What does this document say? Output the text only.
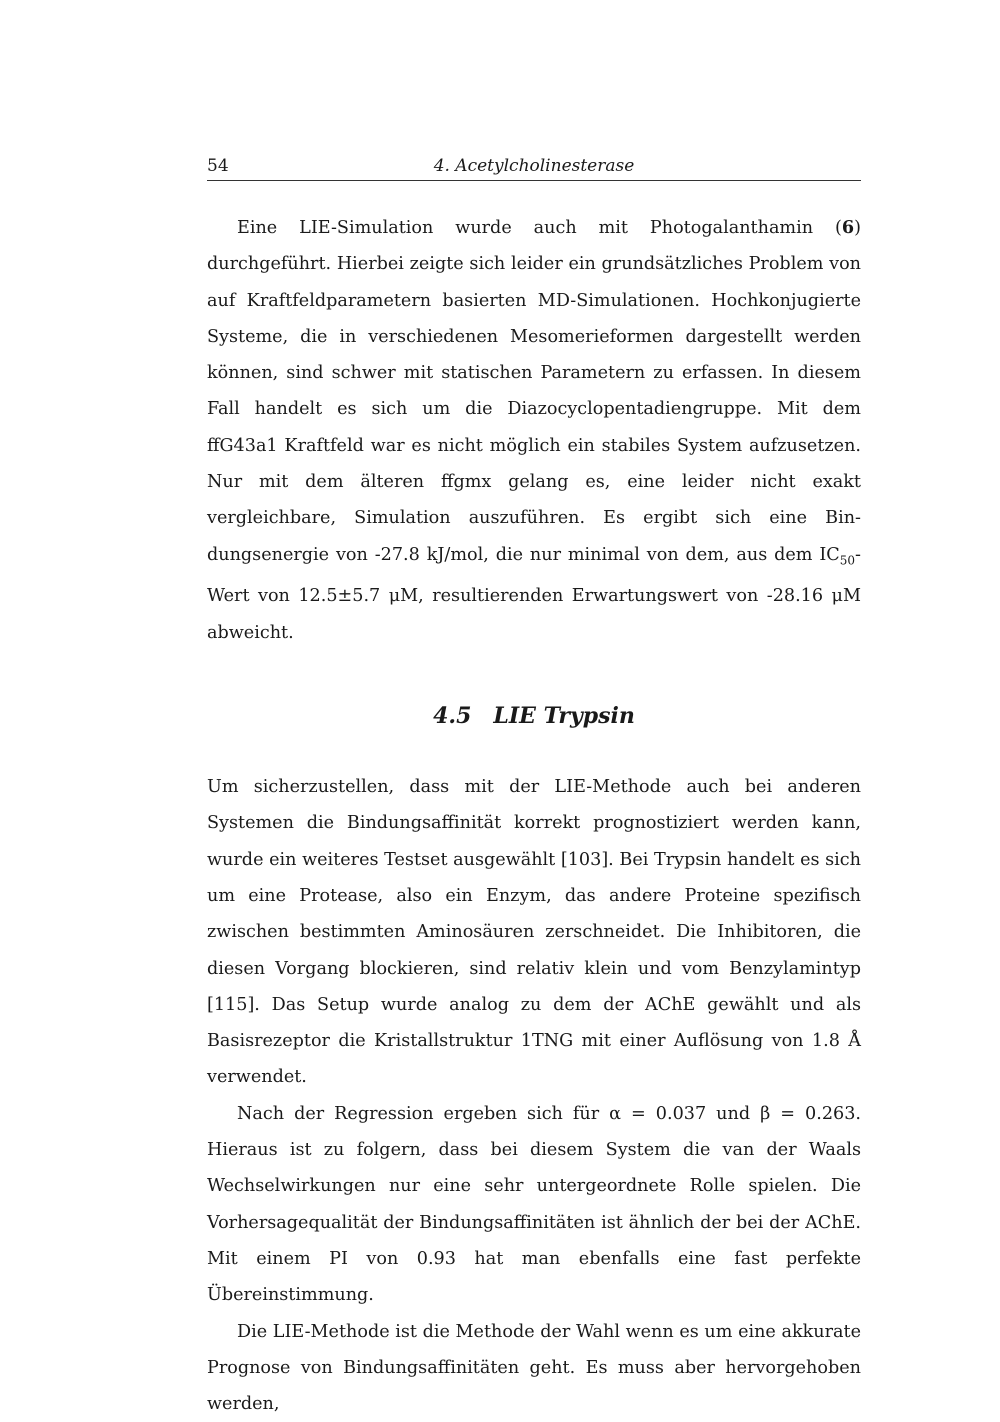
54	4. Acetylcholinesterase

Eine LIE-Simulation wurde auch mit Photogalanthamin (6) durchgeführt. Hierbei zeigte sich leider ein grundsätzliches Problem von auf Kraftfeldparametern basierten MD-Simulationen. Hochkonjugierte Systeme, die in verschiedenen Mesomerieformen dargestellt werden können, sind schwer mit statischen Parametern zu erfassen. In diesem Fall handelt es sich um die Diazocyclopentadiengruppe. Mit dem ffG43a1 Kraftfeld war es nicht möglich ein stabiles System aufzusetzen. Nur mit dem älteren ffgmx gelang es, eine leider nicht exakt vergleichbare, Simulation auszuführen. Es ergibt sich eine Bindungsenergie von -27.8 kJ/mol, die nur minimal von dem, aus dem $IC_{50}$-Wert von 12.5±5.7 μM, resultierenden Erwartungswert von -28.16 μM abweicht.

4.5 LIE Trypsin

Um sicherzustellen, dass mit der LIE-Methode auch bei anderen Systemen die Bindungsaffinität korrekt prognostiziert werden kann, wurde ein weiteres Testset ausgewählt [103]. Bei Trypsin handelt es sich um eine Protease, also ein Enzym, das andere Proteine spezifisch zwischen bestimmten Aminosäuren zerschneidet. Die Inhibitoren, die diesen Vorgang blockieren, sind relativ klein und vom Benzylamintyp [115]. Das Setup wurde analog zu dem der AChE gewählt und als Basisrezeptor die Kristallstruktur 1TNG mit einer Auflösung von 1.8 Å verwendet.

Nach der Regression ergeben sich für α = 0.037 und β = 0.263. Hieraus ist zu folgern, dass bei diesem System die van der Waals Wechselwirkungen nur eine sehr untergeordnete Rolle spielen. Die Vorhersagequalität der Bindungsaffinitäten ist ähnlich der bei der AChE. Mit einem PI von 0.93 hat man ebenfalls eine fast perfekte Übereinstimmung.

Die LIE-Methode ist die Methode der Wahl wenn es um eine akkurate Prognose von Bindungsaffinitäten geht. Es muss aber hervorgehoben werden,
